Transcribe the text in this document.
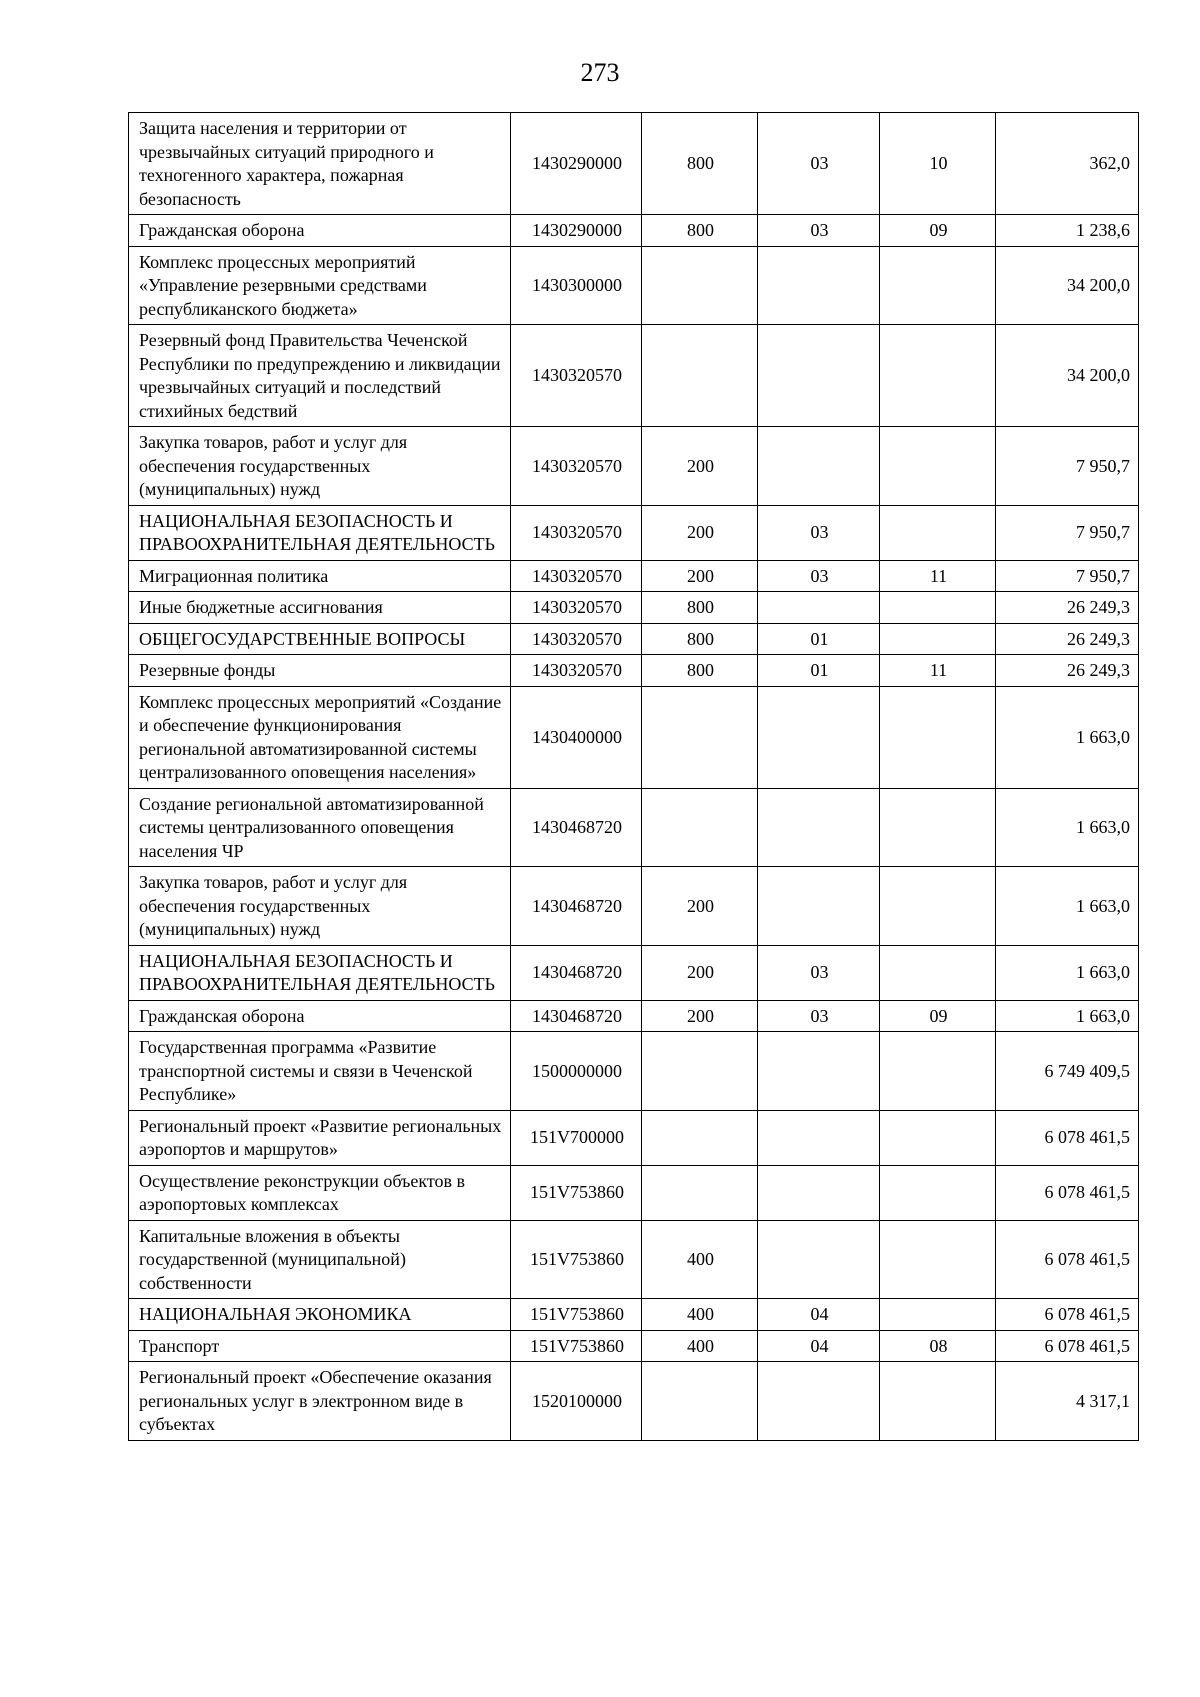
273
Защита населения и территории от чрезвычайных ситуаций природного и техногенного характера, пожарная безопасность	1430290000	800	03	10	362,0
Гражданская оборона	1430290000	800	03	09	1 238,6
Комплекс процессных мероприятий «Управление резервными средствами республиканского бюджета»	1430300000				34 200,0
Резервный фонд Правительства Чеченской Республики по предупреждению и ликвидации чрезвычайных ситуаций и последствий стихийных бедствий	1430320570				34 200,0
Закупка товаров, работ и услуг для обеспечения государственных (муниципальных) нужд	1430320570	200			7 950,7
НАЦИОНАЛЬНАЯ БЕЗОПАСНОСТЬ И ПРАВООХРАНИТЕЛЬНАЯ ДЕЯТЕЛЬНОСТЬ	1430320570	200	03		7 950,7
Миграционная политика	1430320570	200	03	11	7 950,7
Иные бюджетные ассигнования	1430320570	800			26 249,3
ОБЩЕГОСУДАРСТВЕННЫЕ ВОПРОСЫ	1430320570	800	01		26 249,3
Резервные фонды	1430320570	800	01	11	26 249,3
Комплекс процессных мероприятий «Создание и обеспечение функционирования региональной автоматизированной системы централизованного оповещения населения»	1430400000				1 663,0
Создание региональной автоматизированной системы централизованного оповещения населения ЧР	1430468720				1 663,0
Закупка товаров, работ и услуг для обеспечения государственных (муниципальных) нужд	1430468720	200			1 663,0
НАЦИОНАЛЬНАЯ БЕЗОПАСНОСТЬ И ПРАВООХРАНИТЕЛЬНАЯ ДЕЯТЕЛЬНОСТЬ	1430468720	200	03		1 663,0
Гражданская оборона	1430468720	200	03	09	1 663,0
Государственная программа «Развитие транспортной системы и связи в Чеченской Республике»	1500000000				6 749 409,5
Региональный проект «Развитие региональных аэропортов и маршрутов»	151V700000				6 078 461,5
Осуществление реконструкции объектов в аэропортовых комплексах	151V753860				6 078 461,5
Капитальные вложения в объекты государственной (муниципальной) собственности	151V753860	400			6 078 461,5
НАЦИОНАЛЬНАЯ ЭКОНОМИКА	151V753860	400	04		6 078 461,5
Транспорт	151V753860	400	04	08	6 078 461,5
Региональный проект «Обеспечение оказания региональных услуг в электронном виде в субъектах	1520100000				4 317,1
